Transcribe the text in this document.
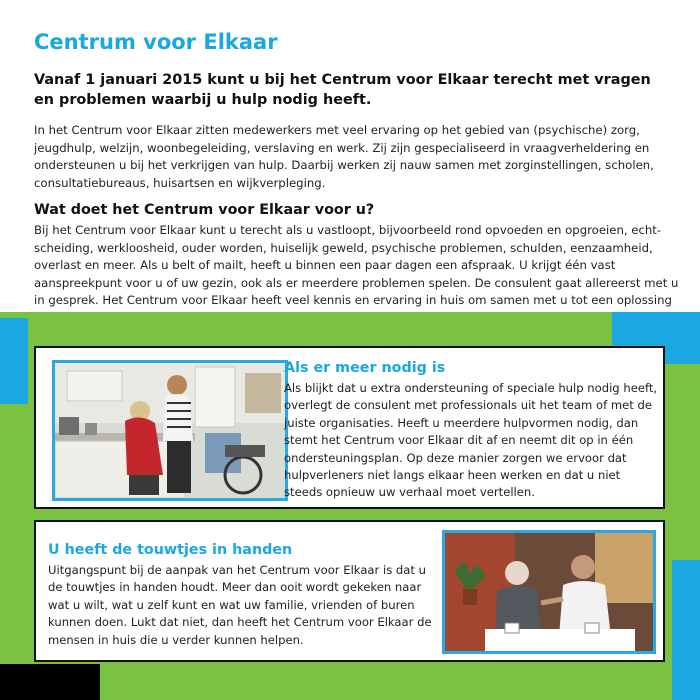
Centrum voor Elkaar

Vanaf 1 januari 2015 kunt u bij het Centrum voor Elkaar terecht met vragen en problemen waarbij u hulp nodig heeft.

In het Centrum voor Elkaar zitten medewerkers met veel ervaring op het gebied van (psychische) zorg, jeugdhulp, welzijn, woonbegeleiding, verslaving en werk. Zij zijn gespecialiseerd in vraagverheldering en ondersteunen u bij het verkrijgen van hulp. Daarbij werken zij nauw samen met zorginstellingen, scholen, consultatiebureaus, huisartsen en wijkverpleging.

Wat doet het Centrum voor Elkaar voor u?

Bij het Centrum voor Elkaar kunt u terecht als u vastloopt, bijvoorbeeld rond opvoeden en opgroeien, echt-scheiding, werkloosheid, ouder worden, huiselijk geweld, psychische problemen, schulden, eenzaamheid, overlast en meer. Als u belt of mailt, heeft u binnen een paar dagen een afspraak. U krijgt één vast aanspreekpunt voor u of uw gezin, ook als er meerdere problemen spelen. De consulent gaat allereerst met u in gesprek. Het Centrum voor Elkaar heeft veel kennis en ervaring in huis om samen met u tot een oplossing

Als er meer nodig is

Als blijkt dat u extra ondersteuning of speciale hulp nodig heeft, overlegt de consulent met professionals uit het team of met de juiste organisaties. Heeft u meerdere hulpvormen nodig, dan stemt het Centrum voor Elkaar dit af en neemt dit op in één ondersteuningsplan. Op deze manier zorgen we ervoor dat hulpverleners niet langs elkaar heen werken en dat u niet steeds opnieuw uw verhaal moet vertellen.

U heeft de touwtjes in handen

Uitgangspunt bij de aanpak van het Centrum voor Elkaar is dat u de touwtjes in handen houdt. Meer dan ooit wordt gekeken naar wat u wilt, wat u zelf kunt en wat uw familie, vrienden of buren kunnen doen. Lukt dat niet, dan heeft het Centrum voor Elkaar de mensen in huis die u verder kunnen helpen.
